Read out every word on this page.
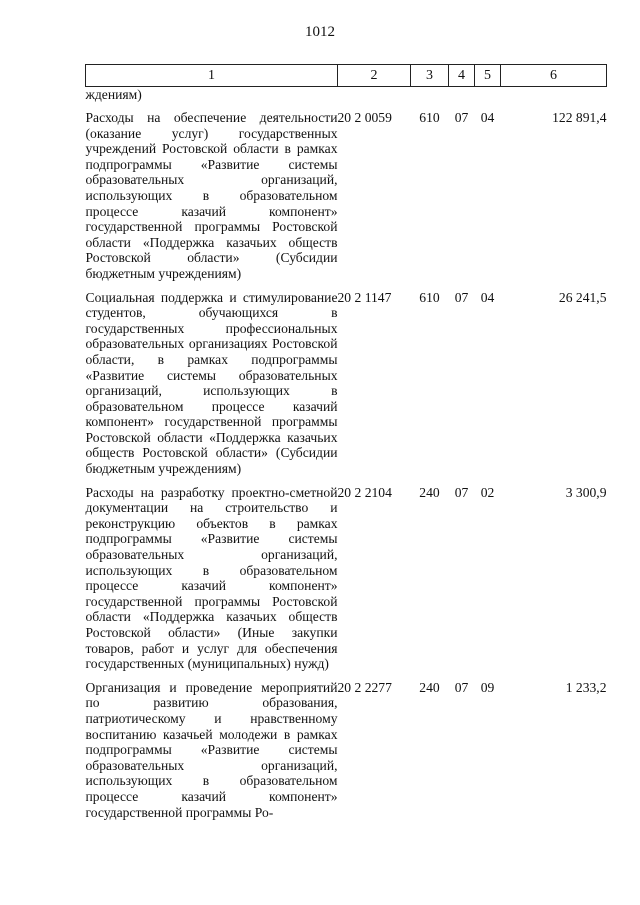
1012
1	2	3	4	5	6
ждениям)					

Расходы на обеспечение деятельности (оказание услуг) государственных учреждений Ростовской области в рамках подпрограммы «Развитие системы образовательных организаций, использующих в образовательном процессе казачий компонент» государственной программы Ростовской области «Поддержка казачьих обществ Ростовской области» (Субсидии бюджетным учреждениям)	20 2 0059	610	07	04	122 891,4

Социальная поддержка и стимулирование студентов, обучающихся в государственных профессиональных образовательных организациях Ростовской области, в рамках подпрограммы «Развитие системы образовательных организаций, использующих в образовательном процессе казачий компонент» государственной программы Ростовской области «Поддержка казачьих обществ Ростовской области» (Субсидии бюджетным учреждениям)	20 2 1147	610	07	04	26 241,5

Расходы на разработку проектно-сметной документации на строительство и реконструкцию объектов в рамках подпрограммы «Развитие системы образовательных организаций, использующих в образовательном процессе казачий компонент» государственной программы Ростовской области «Поддержка казачьих обществ Ростовской области» (Иные закупки товаров, работ и услуг для обеспечения государственных (муниципальных) нужд)	20 2 2104	240	07	02	3 300,9

Организация и проведение мероприятий по развитию образования, патриотическому и нравственному воспитанию казачьей молодежи в рамках подпрограммы «Развитие системы образовательных организаций, использующих в образовательном процессе казачий компонент» государственной программы Ро-	20 2 2277	240	07	09	1 233,2
